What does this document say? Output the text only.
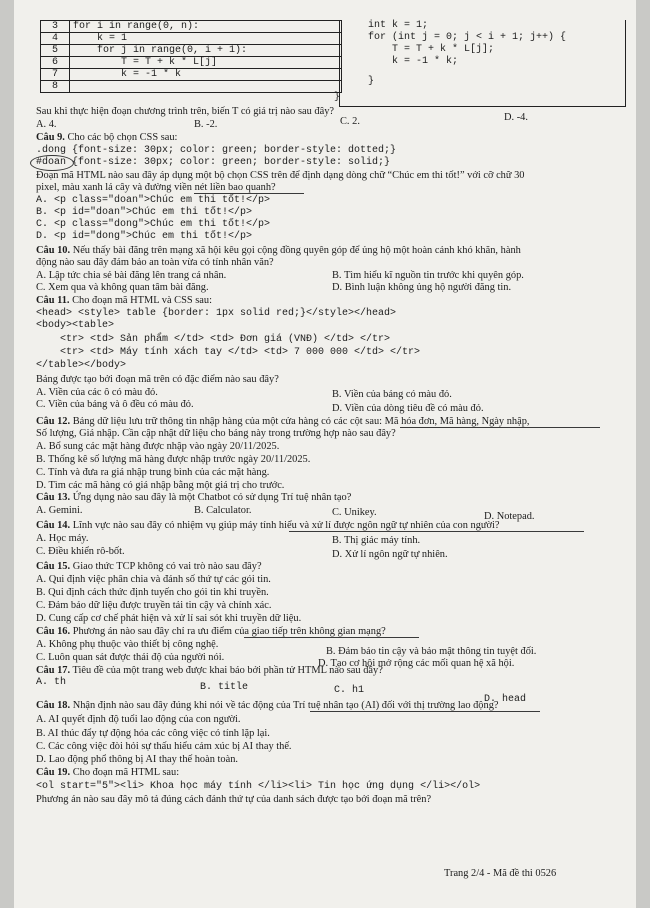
3	for i in range(0, n):
4	k = 1
5	for j in range(0, i + 1):
6	T = T + k * L[j]
7	k = -1 * k
8	
int k = 1;
for (int j = 0; j < i + 1; j++) {
T = T + k * L[j];
k = -1 * k;
}
}
Sau khi thực hiện đoạn chương trình trên, biến T có giá trị nào sau đây?
A. 4.	B. -2.	C. 2.	D. -4.
Câu 9. Cho các bộ chọn CSS sau:
.dong {font-size: 30px; color: green; border-style: dotted;}
#doan {font-size: 30px; color: green; border-style: solid;}
Đoạn mã HTML nào sau đây áp dụng một bộ chọn CSS trên để định dạng dòng chữ “Chúc em thi tốt!” với cỡ chữ 30
pixel, màu xanh lá cây và đường viền nét liền bao quanh?
A. <p class="doan">Chúc em thi tốt!</p>
B. <p id="doan">Chúc em thi tốt!</p>
C. <p class="dong">Chúc em thi tốt!</p>
D. <p id="dong">Chúc em thi tốt!</p>
Câu 10. Nếu thấy bài đăng trên mạng xã hội kêu gọi cộng đồng quyên góp để ủng hộ một hoàn cảnh khó khăn, hành
động nào sau đây đảm bảo an toàn vừa có tính nhân văn?
A. Lập tức chia sẻ bài đăng lên trang cá nhân.	B. Tìm hiểu kĩ nguồn tin trước khi quyên góp.
C. Xem qua và không quan tâm bài đăng.	D. Bình luận không ủng hộ người đăng tin.
Câu 11. Cho đoạn mã HTML và CSS sau:
<head> <style> table {border: 1px solid red;}</style></head>
<body><table>
<tr> <td> Sản phẩm </td> <td> Đơn giá (VNĐ) </td> </tr>
<tr> <td> Máy tính xách tay </td> <td> 7 000 000 </td> </tr>
</table></body>
Bảng được tạo bởi đoạn mã trên có đặc điểm nào sau đây?
A. Viền của các ô có màu đỏ.	B. Viền của bảng có màu đỏ.
C. Viền của bảng và ô đều có màu đỏ.	D. Viền của dòng tiêu đề có màu đỏ.
Câu 12. Bảng dữ liệu lưu trữ thông tin nhập hàng của một cửa hàng có các cột sau: Mã hóa đơn, Mã hàng, Ngày nhập,
Số lượng, Giá nhập. Cần cập nhật dữ liệu cho bảng này trong trường hợp nào sau đây?
A. Bổ sung các mặt hàng được nhập vào ngày 20/11/2025.
B. Thống kê số lượng mã hàng được nhập trước ngày 20/11/2025.
C. Tính và đưa ra giá nhập trung bình của các mặt hàng.
D. Tìm các mã hàng có giá nhập bằng một giá trị cho trước.
Câu 13. Ứng dụng nào sau đây là một Chatbot có sử dụng Trí tuệ nhân tạo?
A. Gemini.	B. Calculator.	C. Unikey.	D. Notepad.
Câu 14. Lĩnh vực nào sau đây có nhiệm vụ giúp máy tính hiểu và xử lí được ngôn ngữ tự nhiên của con người?
A. Học máy.	B. Thị giác máy tính.
C. Điều khiển rô-bốt.	D. Xử lí ngôn ngữ tự nhiên.
Câu 15. Giao thức TCP không có vai trò nào sau đây?
A. Qui định việc phân chia và đánh số thứ tự các gói tin.
B. Qui định cách thức định tuyến cho gói tin khi truyền.
C. Đảm bảo dữ liệu được truyền tải tin cậy và chính xác.
D. Cung cấp cơ chế phát hiện và xử lí sai sót khi truyền dữ liệu.
Câu 16. Phương án nào sau đây chỉ ra ưu điểm của giao tiếp trên không gian mạng?
A. Không phụ thuộc vào thiết bị công nghệ.
B. Đảm bảo tin cậy và bảo mật thông tin tuyệt đối.
C. Luôn quan sát được thái độ của người nói.
D. Tạo cơ hội mở rộng các mối quan hệ xã hội.
Câu 17. Tiêu đề của một trang web được khai báo bởi phần tử HTML nào sau đây?
A. th	B. title	C. h1
D. head
Câu 18. Nhận định nào sau đây đúng khi nói về tác động của Trí tuệ nhân tạo (AI) đối với thị trường lao động?
A. AI quyết định độ tuổi lao động của con người.
B. AI thúc đẩy tự động hóa các công việc có tính lặp lại.
C. Các công việc đòi hỏi sự thấu hiểu cảm xúc bị AI thay thế.
D. Lao động phổ thông bị AI thay thế hoàn toàn.
Câu 19. Cho đoạn mã HTML sau:
<ol start="5"><li> Khoa học máy tính </li><li> Tin học ứng dụng </li></ol>
Phương án nào sau đây mô tả đúng cách đánh thứ tự của danh sách được tạo bởi đoạn mã trên?
Trang 2/4 - Mã đề thi 0526
